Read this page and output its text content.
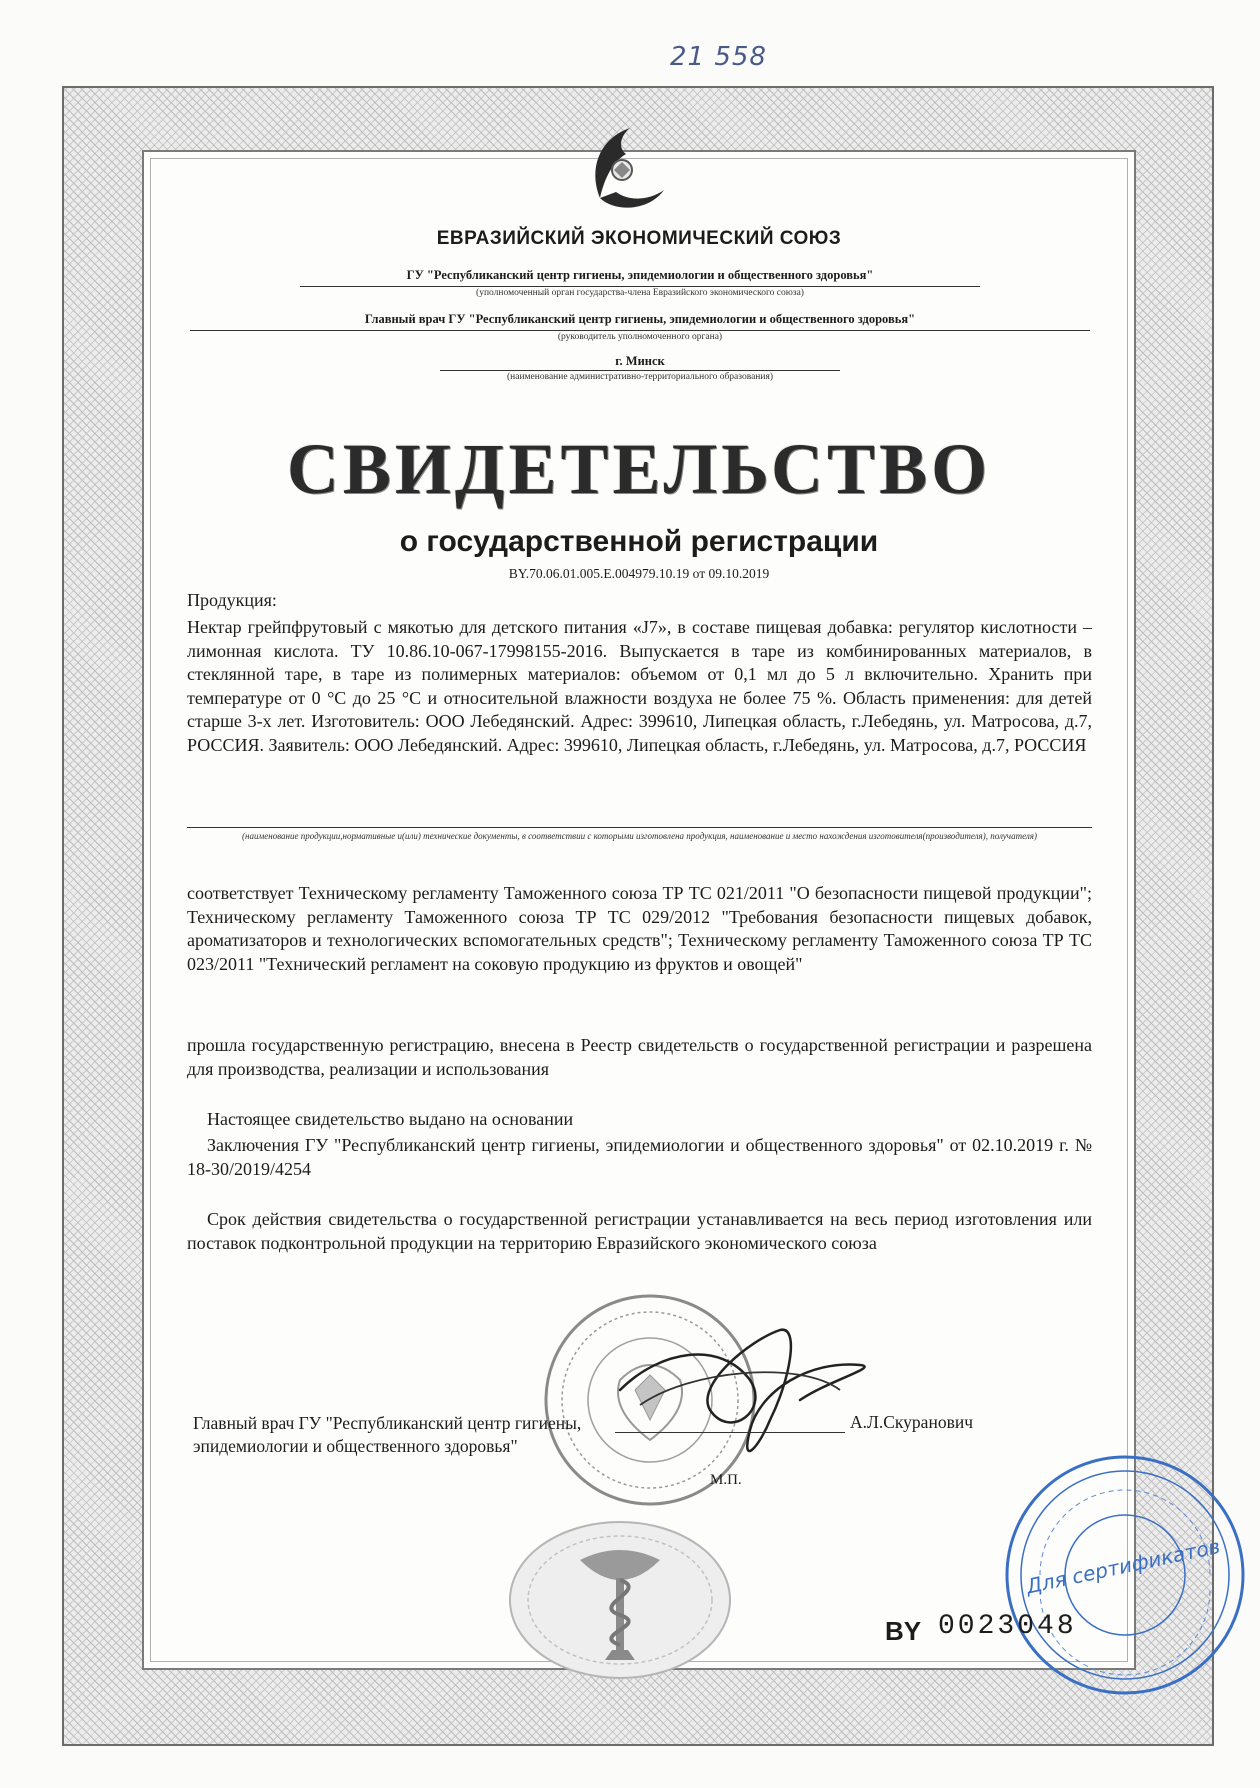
21 558
ЕВРАЗИЙСКИЙ ЭКОНОМИЧЕСКИЙ СОЮЗ
ГУ "Республиканский центр гигиены, эпидемиологии и общественного здоровья"
(уполномоченный орган государства-члена Евразийского экономического союза)
Главный врач ГУ "Республиканский центр гигиены, эпидемиологии и общественного здоровья"
(руководитель уполномоченного органа)
г. Минск
(наименование административно-территориального образования)
СВИДЕТЕЛЬСТВО
о государственной регистрации
BY.70.06.01.005.E.004979.10.19 от 09.10.2019
Продукция:
Нектар грейпфрутовый с мякотью для детского питания «J7», в составе пищевая добавка: регулятор кислотности – лимонная кислота. ТУ 10.86.10-067-17998155-2016. Выпускается в таре из комбинированных материалов, в стеклянной таре, в таре из полимерных материалов: объемом от 0,1 мл до 5 л включительно. Хранить при температуре от 0 °С до 25 °С и относительной влажности воздуха не более 75 %. Область применения: для детей старше 3-х лет. Изготовитель: ООО Лебедянский. Адрес: 399610, Липецкая область, г.Лебедянь, ул. Матросова, д.7, РОССИЯ. Заявитель: ООО Лебедянский. Адрес: 399610, Липецкая область, г.Лебедянь, ул. Матросова, д.7, РОССИЯ
(наименование продукции,нормативные и(или) технические документы, в соответствии с которыми изготовлена продукция, наименование и место нахождения изготовителя(производителя), получателя)
соответствует Техническому регламенту Таможенного союза ТР ТС 021/2011 "О безопасности пищевой продукции"; Техническому регламенту Таможенного союза ТР ТС 029/2012 "Требования безопасности пищевых добавок, ароматизаторов и технологических вспомогательных средств"; Техническому регламенту Таможенного союза ТР ТС 023/2011 "Технический регламент на соковую продукцию из фруктов и овощей"
прошла государственную регистрацию, внесена в Реестр свидетельств о государственной регистрации и разрешена для производства, реализации и использования
Настоящее свидетельство выдано на основании
Заключения ГУ "Республиканский центр гигиены, эпидемиологии и общественного здоровья" от 02.10.2019 г. № 18-30/2019/4254
Срок действия свидетельства о государственной регистрации устанавливается на весь период изготовления или поставок подконтрольной продукции на территорию Евразийского экономического союза
Главный врач ГУ "Республиканский центр гигиены, эпидемиологии и общественного здоровья"
А.Л.Скуранович
М.П.
Для сертификатов
BY 0023048
